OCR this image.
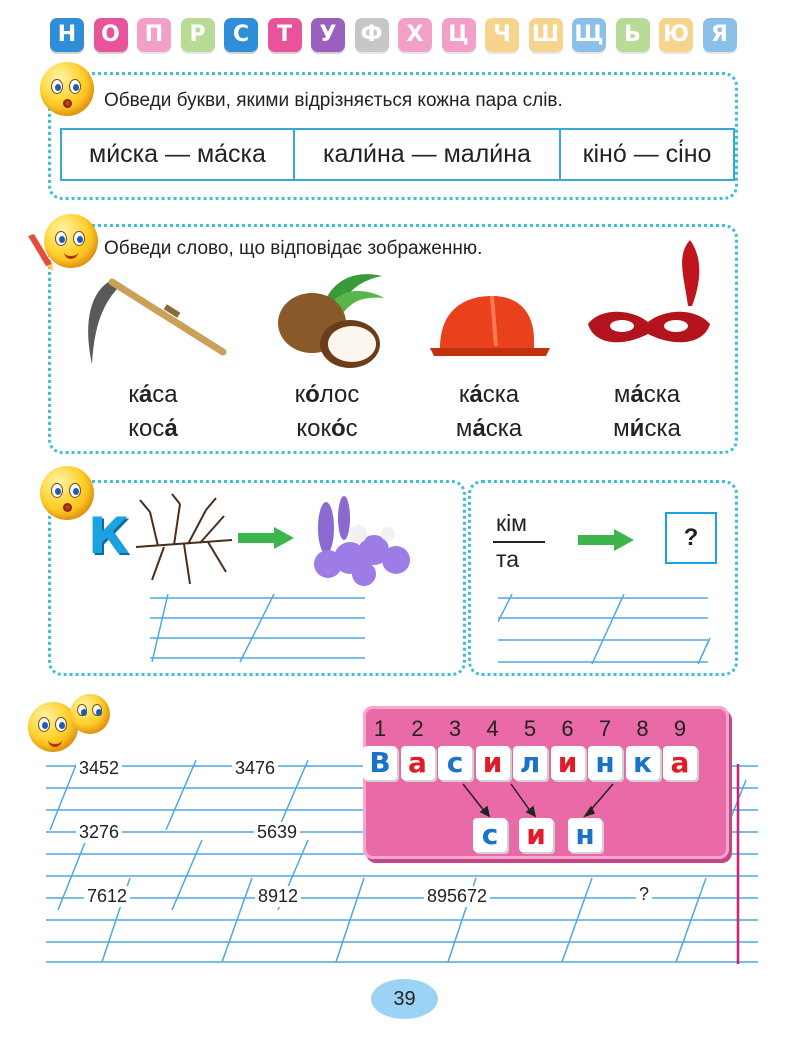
Н	О	П	Р	С	Т	У	Ф	Х	Ц	Ч Ш Щ Ь	Ю	Я
Обведи букви, якими відрізняється кожна пара слів.
ми́ска — ма́ска	кали́на — мали́на	кіно́ — сі́но
Обведи слово, що відповідає зображенню.
ка́са
коса́
ко́лос
коко́с
ка́ска
ма́ска
ма́ска
ми́ска
К	кім
та
?
3452	3476
3276	5639
7612	8912	895672	?
1	2	3	4	5	6	7	8	9
В а с и л и н к а
с и н
39
